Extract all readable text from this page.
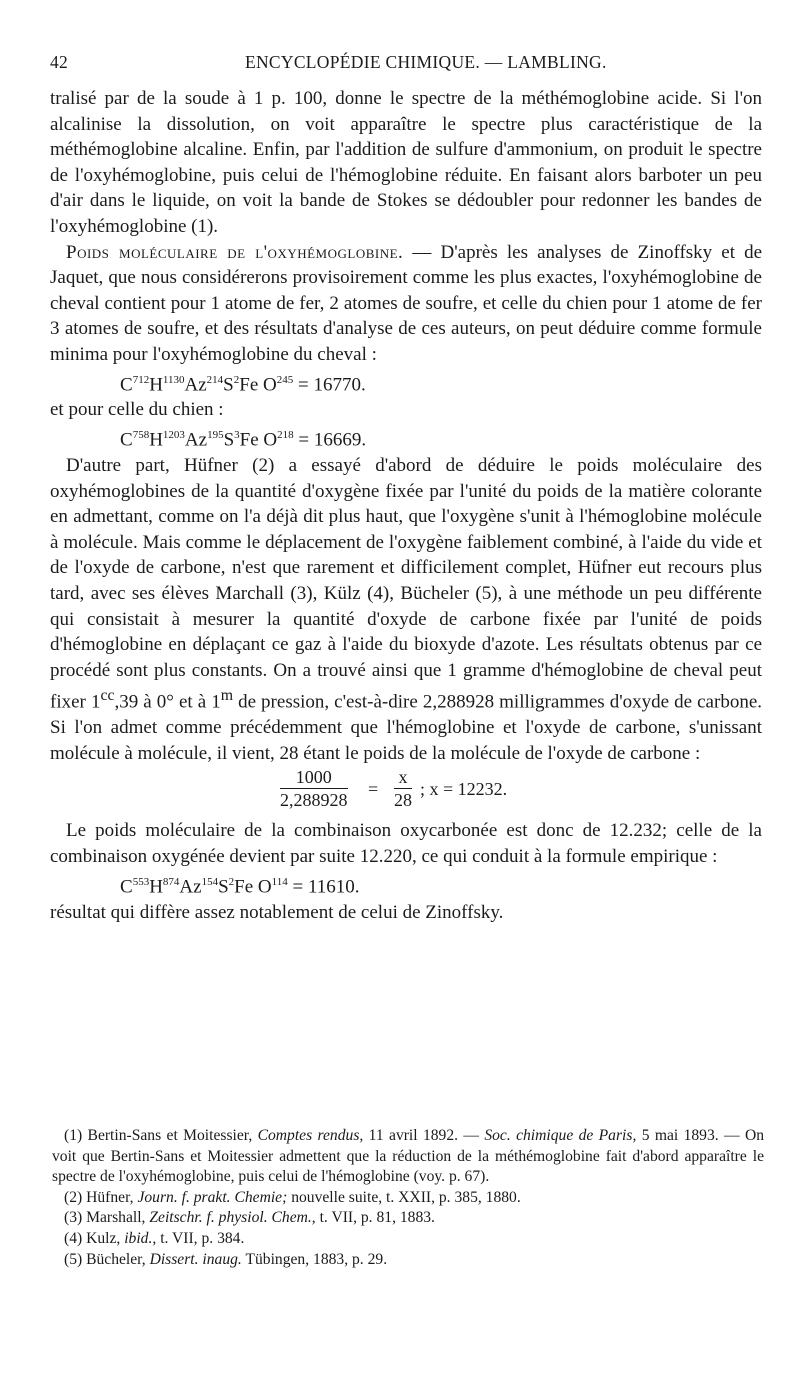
42	ENCYCLOPÉDIE CHIMIQUE. — LAMBLING.

tralisé par de la soude à 1 p. 100, donne le spectre de la méthémoglobine acide. Si l'on alcalinise la dissolution, on voit apparaître le spectre plus caractéristique de la méthémoglobine alcaline. Enfin, par l'addition de sulfure d'ammonium, on produit le spectre de l'oxyhémoglobine, puis celui de l'hémoglobine réduite. En faisant alors barboter un peu d'air dans le liquide, on voit la bande de Stokes se dédoubler pour redonner les bandes de l'oxyhémoglobine (1).

Poids moléculaire de l'oxyhémoglobine. — D'après les analyses de Zinoffsky et de Jaquet, que nous considérerons provisoirement comme les plus exactes, l'oxyhémoglobine de cheval contient pour 1 atome de fer, 2 atomes de soufre, et celle du chien pour 1 atome de fer 3 atomes de soufre, et des résultats d'analyse de ces auteurs, on peut déduire comme formule minima pour l'oxyhémoglobine du cheval :

$C^{712}H^{1130}Az^{214}S^2Fe$ $O^{245} = 16770$.

et pour celle du chien :

$C^{758}H^{1203}Az^{195}S^3Fe$ $O^{218} = 16669$.

D'autre part, Hüfner (2) a essayé d'abord de déduire le poids moléculaire des oxyhémoglobines de la quantité d'oxygène fixée par l'unité du poids de la matière colorante en admettant, comme on l'a déjà dit plus haut, que l'oxygène s'unit à l'hémoglobine molécule à molécule. Mais comme le déplacement de l'oxygène faiblement combiné, à l'aide du vide et de l'oxyde de carbone, n'est que rarement et difficilement complet, Hüfner eut recours plus tard, avec ses élèves Marchall (3), Külz (4), Bücheler (5), à une méthode un peu différente qui consistait à mesurer la quantité d'oxyde de carbone fixée par l'unité de poids d'hémoglobine en déplaçant ce gaz à l'aide du bioxyde d'azote. Les résultats obtenus par ce procédé sont plus constants. On a trouvé ainsi que 1 gramme d'hémoglobine de cheval peut fixer $1^{cc},39$ à 0° et à 1$^m$ de pression, c'est-à-dire 2,288928 milligrammes d'oxyde de carbone. Si l'on admet comme précédemment que l'hémoglobine et l'oxyde de carbone, s'unissant molécule à molécule, il vient, 28 étant le poids de la molécule de l'oxyde de carbone :

$\frac{1000}{2,288928} = \frac{x}{28}$ ; x = 12232.

Le poids moléculaire de la combinaison oxycarbonée est donc de 12.232; celle de la combinaison oxygénée devient par suite 12.220, ce qui conduit à la formule empirique :

$C^{553}H^{874}Az^{154}S^2Fe$ $O^{114} = 11610$.

résultat qui diffère assez notablement de celui de Zinoffsky.

(1) Bertin-Sans et Moitessier, Comptes rendus, 11 avril 1892. — Soc. chimique de Paris, 5 mai 1893. — On voit que Bertin-Sans et Moitessier admettent que la réduction de la méthémoglobine fait d'abord apparaître le spectre de l'oxyhémoglobine, puis celui de l'hémoglobine (voy. p. 67).

(2) Hüfner, Journ. f. prakt. Chemie; nouvelle suite, t. XXII, p. 385, 1880.

(3) Marshall, Zeitschr. f. physiol. Chem., t. VII, p. 81, 1883.

(4) Kulz, ibid., t. VII, p. 384.

(5) Bücheler, Dissert. inaug. Tübingen, 1883, p. 29.
